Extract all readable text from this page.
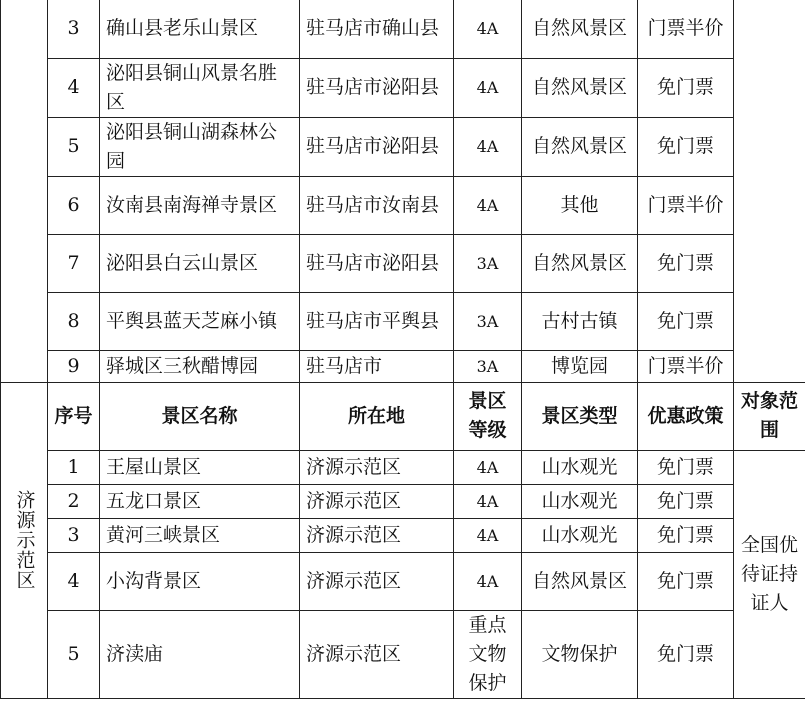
	3	确山县老乐山景区	驻马店市确山县	4A	自然风景区	门票半价	
	4	泌阳县铜山风景名胜区	驻马店市泌阳县	4A	自然风景区	免门票	
	5	泌阳县铜山湖森林公园	驻马店市泌阳县	4A	自然风景区	免门票	
	6	汝南县南海禅寺景区	驻马店市汝南县	4A	其他	门票半价	
	7	泌阳县白云山景区	驻马店市泌阳县	3A	自然风景区	免门票	
	8	平舆县蓝天芝麻小镇	驻马店市平舆县	3A	古村古镇	免门票	
	9	驿城区三秋醋博园	驻马店市	3A	博览园	门票半价	

济源示范区	序号	景区名称	所在地	景区等级	景区类型	优惠政策	对象范围
	1	王屋山景区	济源示范区	4A	山水观光	免门票	全国优待证持证人
	2	五龙口景区	济源示范区	4A	山水观光	免门票	
	3	黄河三峡景区	济源示范区	4A	山水观光	免门票	
	4	小沟背景区	济源示范区	4A	自然风景区	免门票	
	5	济渎庙	济源示范区	重点文物保护	文物保护	免门票	
